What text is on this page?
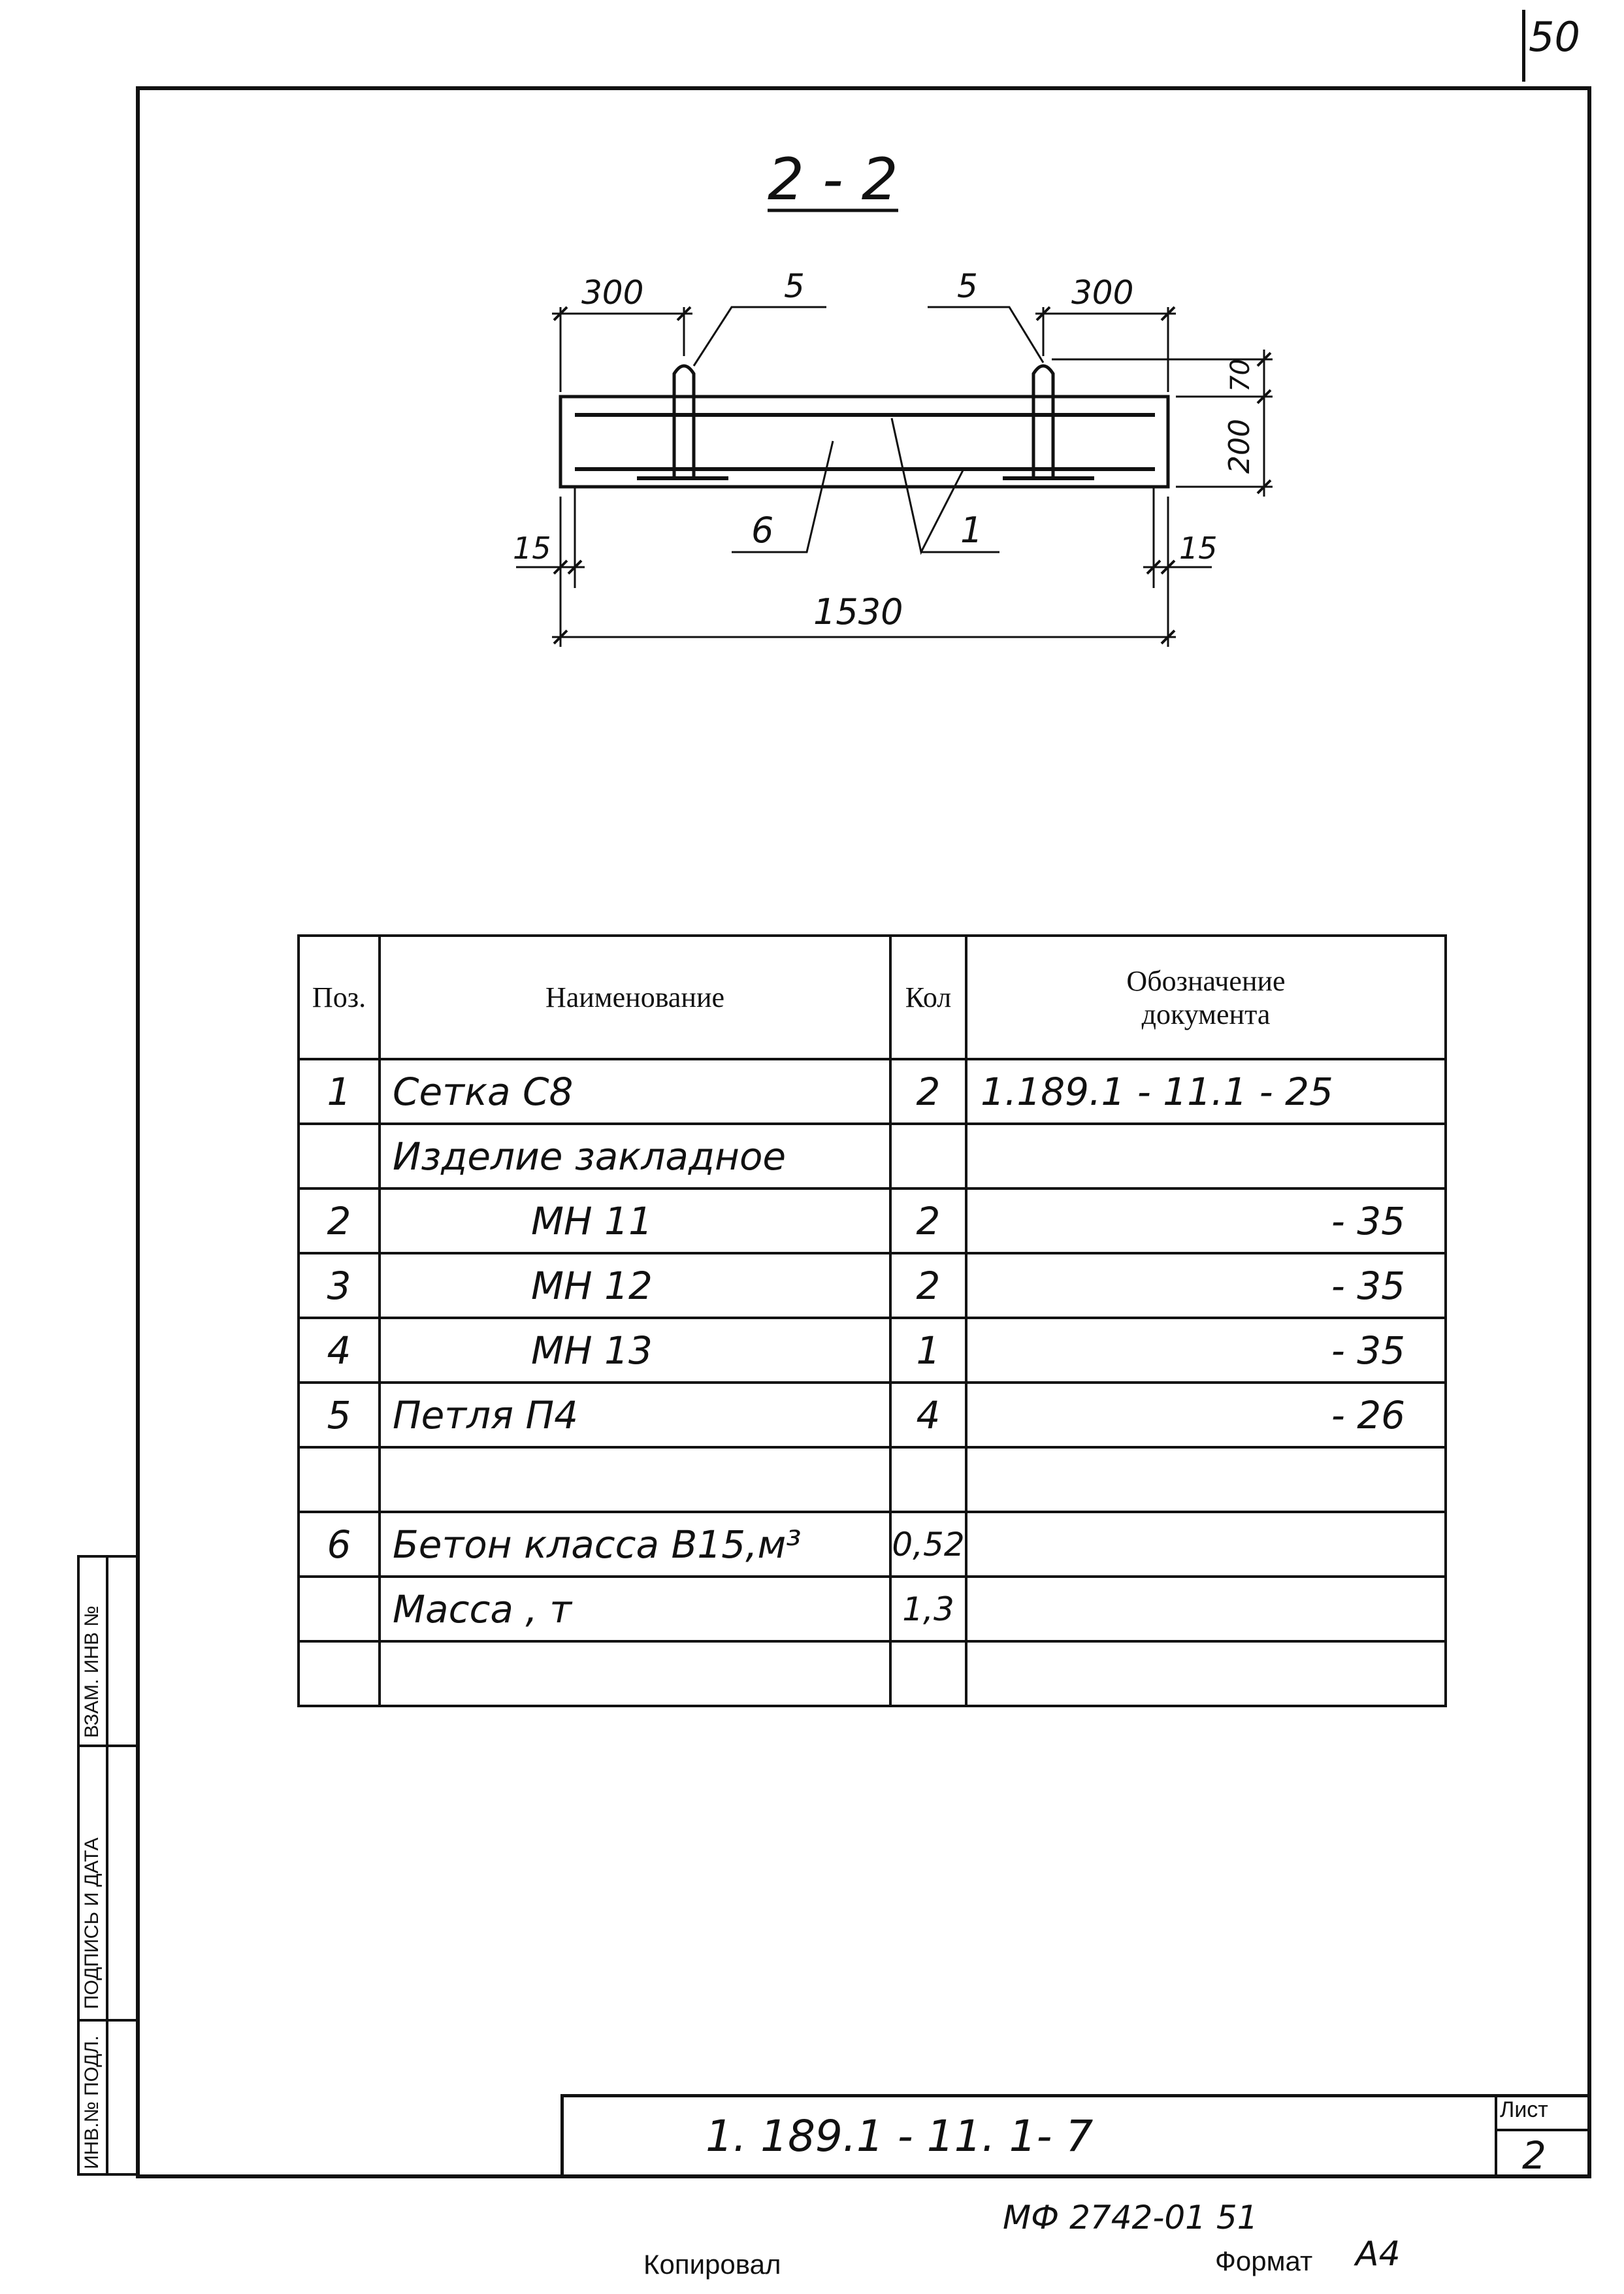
50
2 - 2
300	300
5	5
6	1
15	15
1530
70
200
Поз.	Наименование	Кол	Обозначение
документа

1	Сетка С8	2	1.189.1 - 11.1 - 25
	Изделие закладное		
2	МН 11	2	- 35
3	МН 12	2	- 35
4	МН 13	1	- 35
5	Петля П4	4	- 26

6	Бетон класса В15,м³	0,52	
	Масса , т	1,3	

ВЗАМ. ИНВ №
ПОДПИСЬ И ДАТА
ИНВ.№ ПОДЛ.	1. 189.1 - 11. 1- 7
Лист
2
МФ 2742-01 51
Копировал	Формат А4
